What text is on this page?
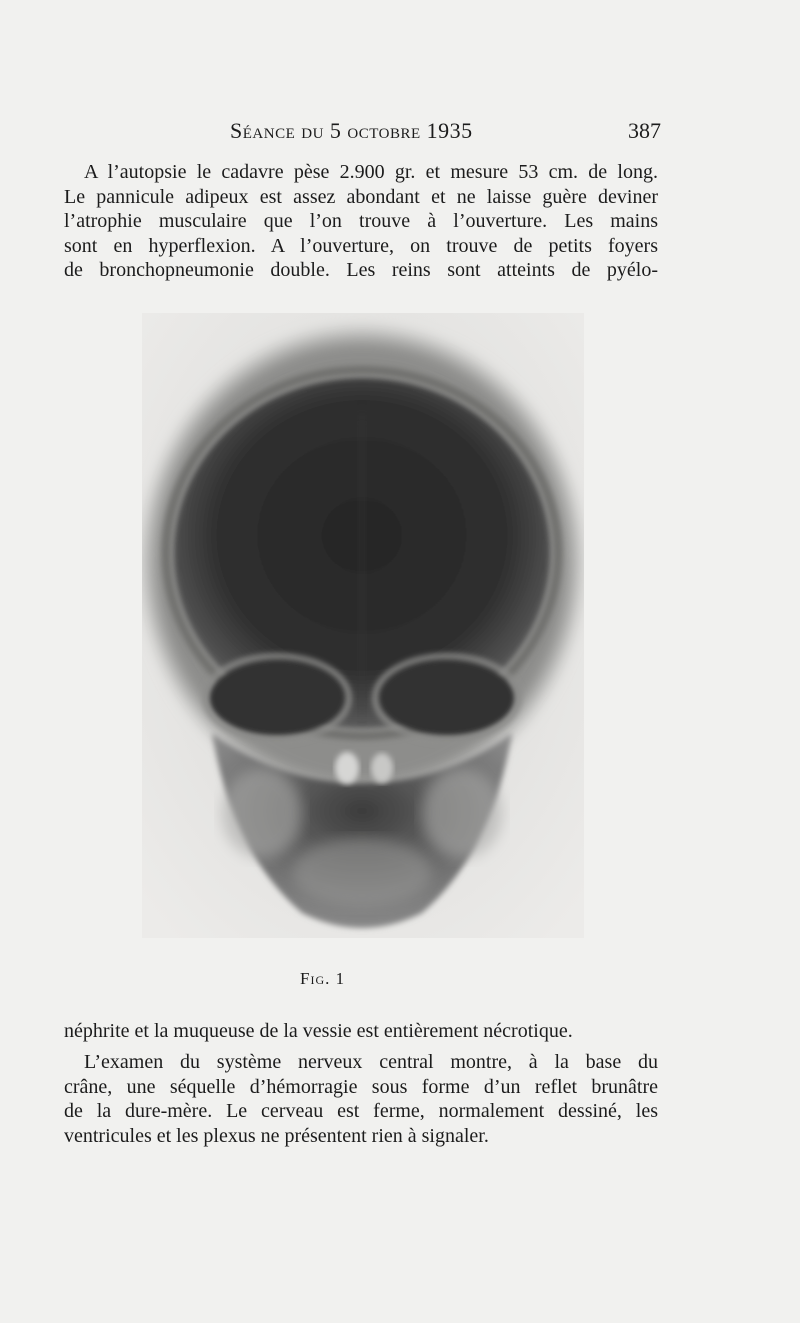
Séance du 5 octobre 1935	387
A l’autopsie le cadavre pèse 2.900 gr. et mesure 53 cm. de long.
Le pannicule adipeux est assez abondant et ne laisse guère deviner
l’atrophie musculaire que l’on trouve à l’ouverture. Les mains
sont en hyperflexion. A l’ouverture, on trouve de petits foyers
de bronchopneumonie double. Les reins sont atteints de pyélo-
Fig. 1
néphrite et la muqueuse de la vessie est entièrement nécrotique.
L’examen du système nerveux central montre, à la base du
crâne, une séquelle d’hémorragie sous forme d’un reflet brunâtre
de la dure-mère. Le cerveau est ferme, normalement dessiné, les
ventricules et les plexus ne présentent rien à signaler.
